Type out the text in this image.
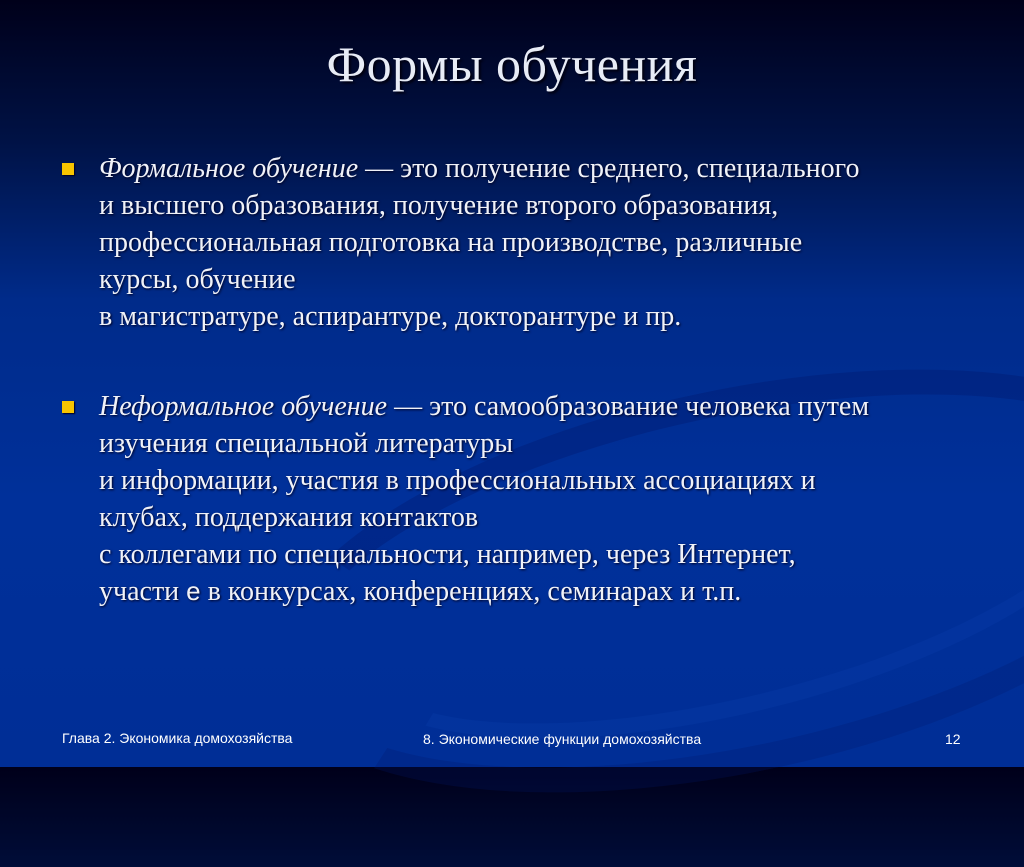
Формы обучения
Формальное обучение — это получение среднего, специального
и высшего образования, получение второго образования,
профессиональная подготовка на производстве, различные
курсы, обучение
в магистратуре, аспирантуре, докторантуре и пр.
Неформальное обучение — это самообразование человека путем
изучения специальной литературы
и информации, участия в профессиональных ассоциациях и
клубах, поддержания контактов
с коллегами по специальности, например, через Интернет,
участи е в конкурсах, конференциях, семинарах и т.п.
Глава 2. Экономика домохозяйства	8. Экономические функции домохозяйства	12
